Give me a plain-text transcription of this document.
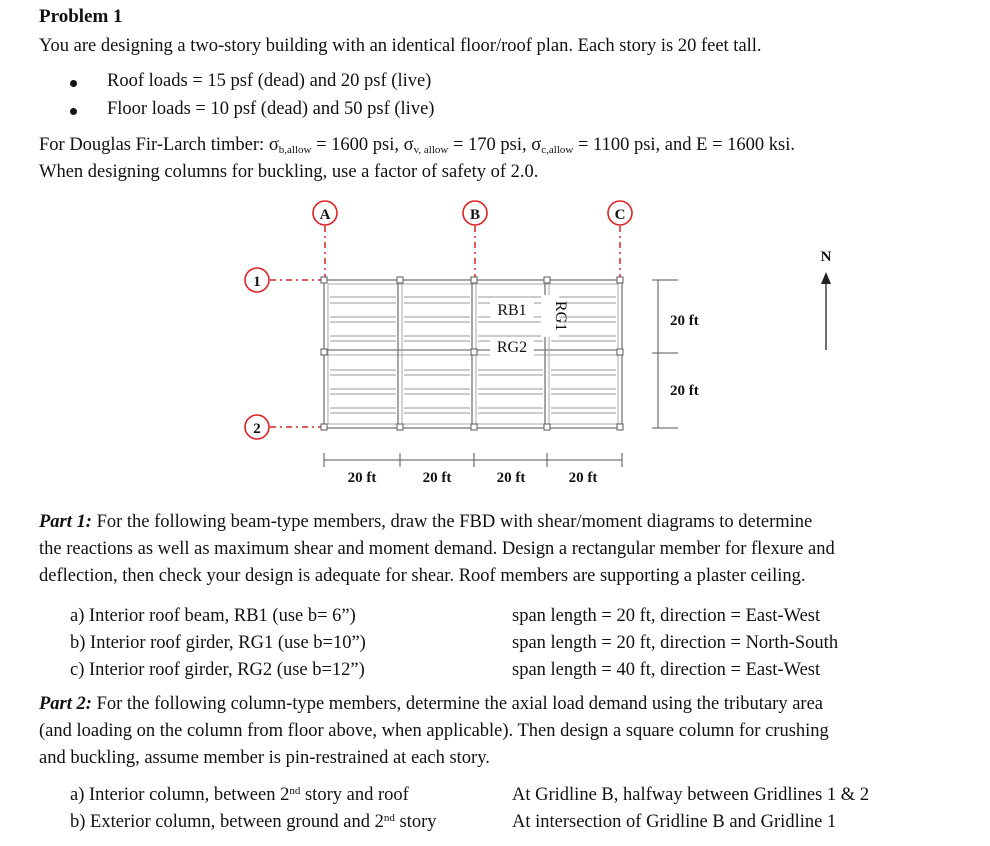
Problem 1
You are designing a two-story building with an identical floor/roof plan. Each story is 20 feet tall.
Roof loads = 15 psf (dead) and 20 psf (live)
Floor loads = 10 psf (dead) and 50 psf (live)
For Douglas Fir-Larch timber: $\sigma_{b,allow} = 1600$ psi, $\sigma_{v, allow} = 170$ psi, $\sigma_{c,allow} = 1100$ psi, and E = 1600 ksi.
When designing columns for buckling, use a factor of safety of 2.0.
A	B	C
1
2
RB1
RG2
RG1	20 ft
20 ft
20 ft	20 ft	20 ft	20 ft
N
Part 1: For the following beam-type members, draw the FBD with shear/moment diagrams to determine
the reactions as well as maximum shear and moment demand. Design a rectangular member for flexure and
deflection, then check your design is adequate for shear. Roof members are supporting a plaster ceiling.
a) Interior roof beam, RB1 (use b= 6”)	span length = 20 ft, direction = East-West
b) Interior roof girder, RG1 (use b=10”)	span length = 20 ft, direction = North-South
c) Interior roof girder, RG2 (use b=12”)	span length = 40 ft, direction = East-West
Part 2: For the following column-type members, determine the axial load demand using the tributary area
(and loading on the column from floor above, when applicable). Then design a square column for crushing
and buckling, assume member is pin-restrained at each story.
a) Interior column, between 2nd story and roof	At Gridline B, halfway between Gridlines 1 & 2
b) Exterior column, between ground and 2nd story	At intersection of Gridline B and Gridline 1
